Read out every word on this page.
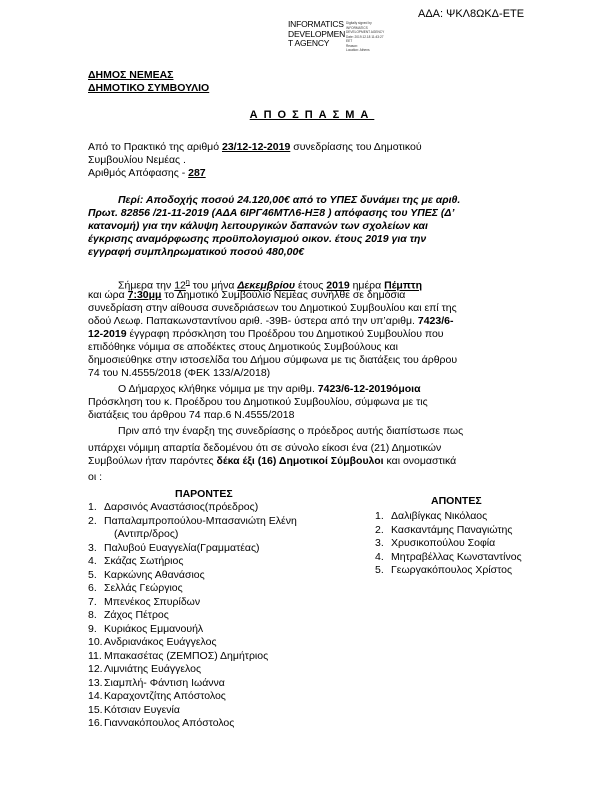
ΑΔΑ: ΨΚΛ8ΩΚΔ-ΕΤΕ
INFORMATICS
DEVELOPMEN
T AGENCY
Digitally signed by
INFORMATICS
DEVELOPMENT AGENCY
Date: 2019.12.18 11:43:27
EET
Reason:
Location: Athens
ΔΗΜΟΣ ΝΕΜΕΑΣ
ΔΗΜΟΤΙΚΟ ΣΥΜΒΟΥΛΙΟ
ΑΠΟΣΠΑΣΜΑ
Από το Πρακτικό της αριθμό 23/12-12-2019 συνεδρίασης του Δημοτικού
Συμβουλίου Νεμέας .
Αριθμός Απόφασης - 287
Περί: Αποδοχής ποσού 24.120,00€ από το ΥΠΕΣ δυνάμει της με αριθ.
Πρωτ. 82856 /21-11-2019 (ΑΔΑ 6ΙΡΓ46ΜΤΛ6-ΗΞ8 ) απόφασης του ΥΠΕΣ (Δ’
κατανομή) για την κάλυψη λειτουργικών δαπανών των σχολείων και
έγκρισης αναμόρφωσης προϋπολογισμού οικον. έτους 2019 για την
εγγραφή συμπληρωματικού ποσού 480,00€
Σήμερα την $12^\eta$ του μήνα Δεκεμβρίου έτους 2019 ημέρα Πέμπτη
και ώρα 7:30μμ το Δημοτικό Συμβούλιο Νεμέας συνήλθε σε δημόσια
συνεδρίαση στην αίθουσα συνεδριάσεων του Δημοτικού Συμβουλίου και επί της
οδού Λεωφ. Παπακωνσταντίνου αριθ. -39Β- ύστερα από την υπ’αριθμ. 7423/6-
12-2019 έγγραφη πρόσκληση του Προέδρου του Δημοτικού Συμβουλίου που
επιδόθηκε νόμιμα σε αποδέκτες στους Δημοτικούς Συμβούλους και
δημοσιεύθηκε στην ιστοσελίδα του Δήμου σύμφωνα με τις διατάξεις του άρθρου
74 του Ν.4555/2018 (ΦΕΚ 133/Α/2018)
Ο Δήμαρχος κλήθηκε νόμιμα με την αριθμ. 7423/6-12-2019όμοια
Πρόσκληση του κ. Προέδρου του Δημοτικού Συμβουλίου, σύμφωνα με τις
διατάξεις του άρθρου 74 παρ.6 Ν.4555/2018
Πριν από την έναρξη της συνεδρίασης ο πρόεδρος αυτής διαπίστωσε πως
υπάρχει νόμιμη απαρτία δεδομένου ότι σε σύνολο είκοσι ένα (21) Δημοτικών
Συμβούλων ήταν παρόντες δέκα έξι (16) Δημοτικοί Σύμβουλοι και ονομαστικά
οι :
ΠΑΡΟΝΤΕΣ
1. Δαρσινός Αναστάσιος(πρόεδρος)
2. Παπαλαμπροπούλου-Μπασανιώτη Ελένη
(Αντιπρ/δρος)
3. Παλυβού Ευαγγελία(Γραμματέας)
4. Σκάζας Σωτήριος
5. Καρκώνης Αθανάσιος
6. Σελλάς Γεώργιος
7. Μπενέκος Σπυρίδων
8. Ζάχος Πέτρος
9. Κυριάκος Εμμανουήλ
10. Ανδριανάκος Ευάγγελος
11. Μπακασέτας (ΖΕΜΠΟΣ) Δημήτριος
12. Λιμνιάτης Ευάγγελος
13. Σιαμπλή- Φάντιση Ιωάννα
14. Καραχοντζίτης Απόστολος
15. Κότσιαν Ευγενία
16. Γιαννακόπουλος Απόστολος
ΑΠΟΝΤΕΣ
1. Δαλιβίγκας Νικόλαος
2. Κασκαντάμης Παναγιώτης
3. Χρυσικοπούλου Σοφία
4. Μητραβέλλας Κωνσταντίνος
5. Γεωργακόπουλος Χρίστος
